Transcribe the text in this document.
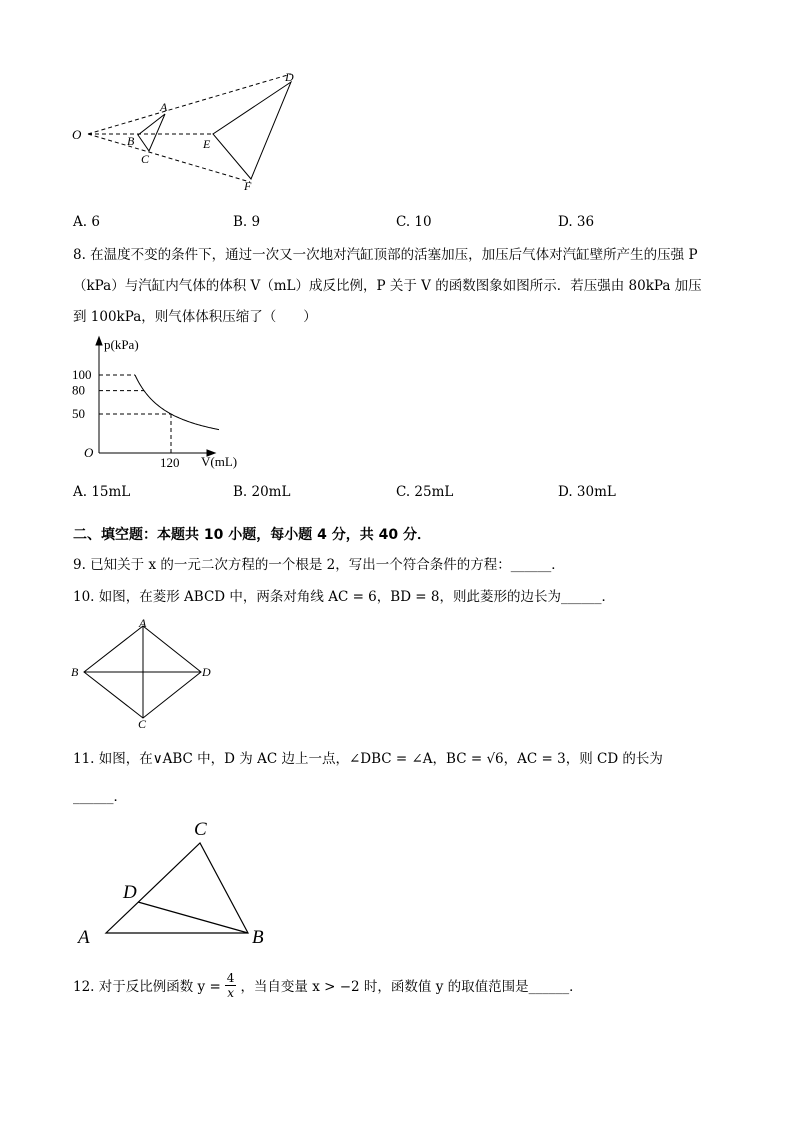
O
A
B
C
D
E
F
A. 6	B. 9	C. 10	D. 36
8. 在温度不变的条件下，通过一次又一次地对汽缸顶部的活塞加压，加压后气体对汽缸壁所产生的压强 P
（kPa）与汽缸内气体的体积 V（mL）成反比例，P 关于 V 的函数图象如图所示．若压强由 80kPa 加压
到 100kPa，则气体体积压缩了（　　）
100
80
50
120
p(kPa)
V(mL)
O
A. 15mL	B. 20mL	C. 25mL	D. 30mL
二、填空题：本题共 10 小题，每小题 4 分，共 40 分．
9. 已知关于 x 的一元二次方程的一个根是 2，写出一个符合条件的方程：______．
10. 如图，在菱形 ABCD 中，两条对角线 AC = 6，BD = 8，则此菱形的边长为______．
A
B
C
D
11. 如图，在∨ABC 中，D 为 AC 边上一点，∠DBC = ∠A，BC = √6，AC = 3，则 CD 的长为
______．
A	B
C
D
12. 对于反比例函数 $y = \frac{4}{x}$ ，当自变量 x > −2 时，函数值 y 的取值范围是______．
